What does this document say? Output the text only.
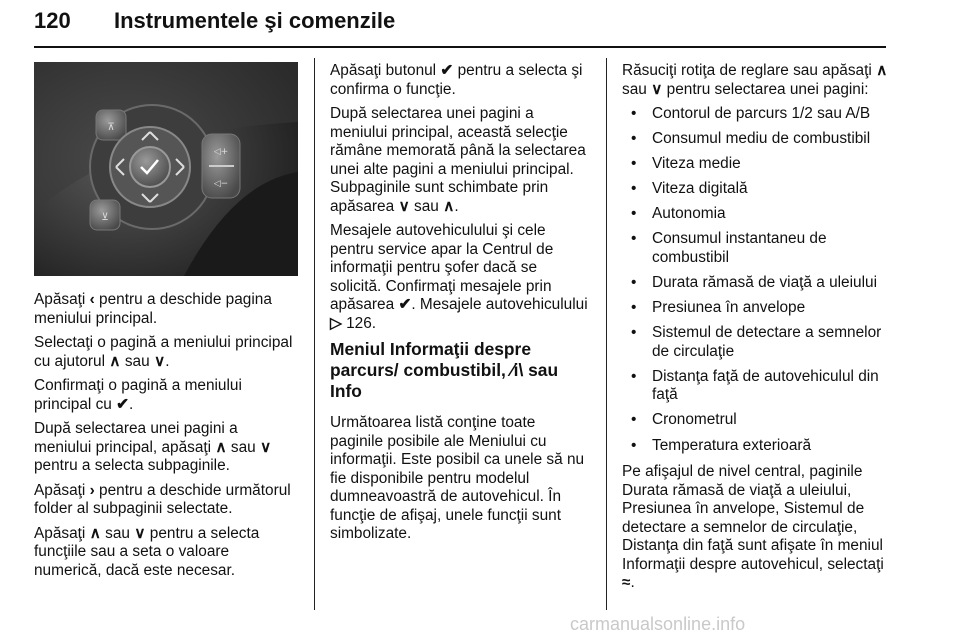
120 Instrumentele şi comenzile
⊼
⊻
◁+
◁−

Apăsaţi ‹ pentru a deschide pagina meniului principal.

Selectaţi o pagină a meniului principal cu ajutorul ∧ sau ∨.

Confirmaţi o pagină a meniului principal cu ✔.

După selectarea unei pagini a meniului principal, apăsaţi ∧ sau ∨ pentru a selecta subpaginile.

Apăsaţi › pentru a deschide următorul folder al subpaginii selectate.

Apăsaţi ∧ sau ∨ pentru a selecta funcţiile sau a seta o valoare numerică, dacă este necesar.

Apăsaţi butonul ✔ pentru a selecta şi confirma o funcţie.

După selectarea unei pagini a meniului principal, această selecţie rămâne memorată până la selectarea unei alte pagini a meniului principal. Subpaginile sunt schimbate prin apăsarea ∨ sau ∧.

Mesajele autovehiculului şi cele pentru service apar la Centrul de informaţii pentru şofer dacă se solicită. Confirmaţi mesajele prin apăsarea ✔. Mesajele autovehiculului ▷ 126.

Meniul Informaţii despre parcurs/ combustibil, ⁄i\ sau Info

Următoarea listă conţine toate paginile posibile ale Meniului cu informaţii. Este posibil ca unele să nu fie disponibile pentru modelul dumneavoastră de autovehicul. În funcţie de afişaj, unele funcţii sunt simbolizate.

Răsuciţi rotiţa de reglare sau apăsaţi ∧ sau ∨ pentru selectarea unei pagini:

• Contorul de parcurs 1/2 sau A/B
• Consumul mediu de combustibil
• Viteza medie
• Viteza digitală
• Autonomia
• Consumul instantaneu de combustibil
• Durata rămasă de viaţă a uleiului
• Presiunea în anvelope
• Sistemul de detectare a semnelor de circulaţie
• Distanţa faţă de autovehiculul din faţă
• Cronometrul
• Temperatura exterioară

Pe afişajul de nivel central, paginile Durata rămasă de viaţă a uleiului, Presiunea în anvelope, Sistemul de detectare a semnelor de circulaţie, Distanţa din faţă sunt afişate în meniul Informaţii despre autovehicul, selectaţi ≈.

carmanualsonline.info
